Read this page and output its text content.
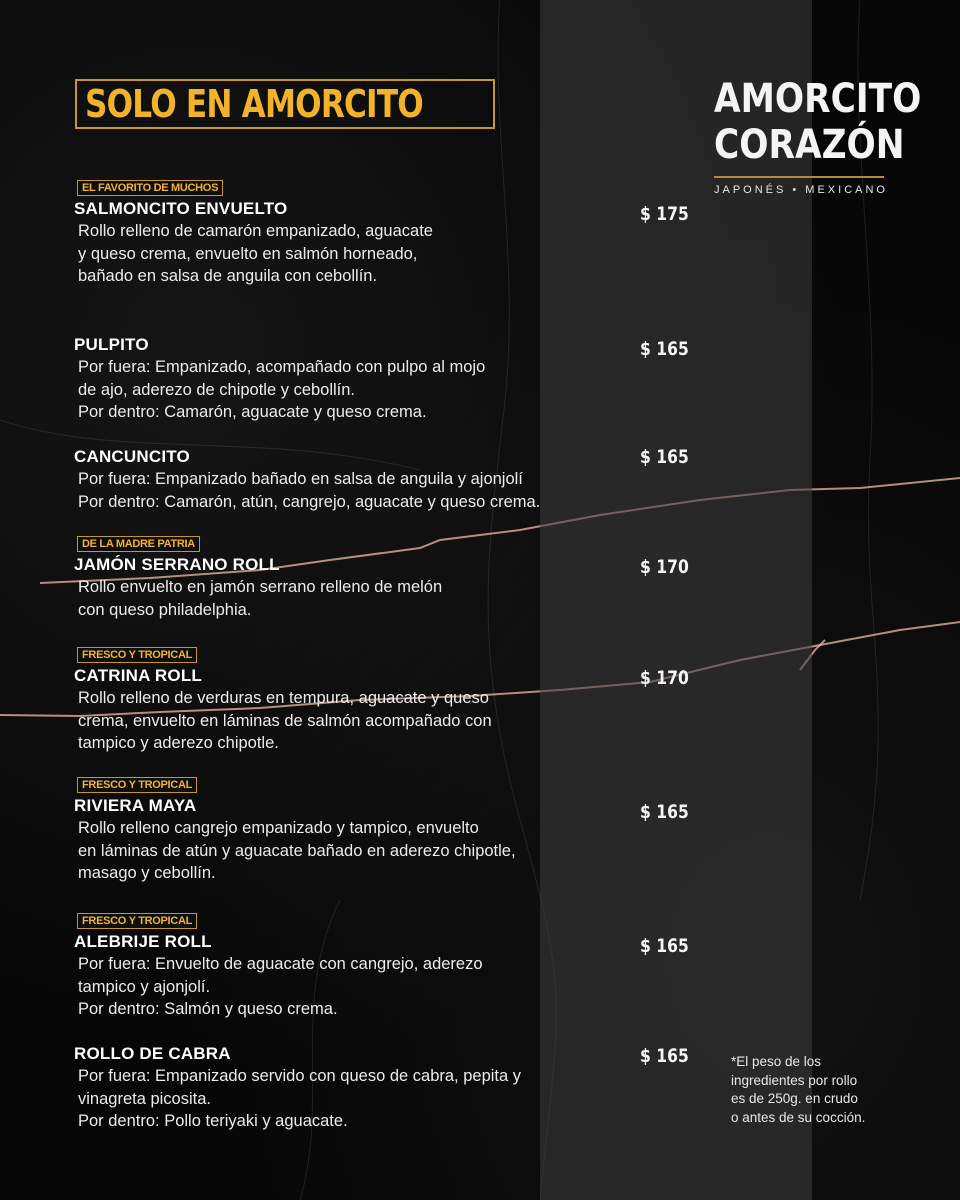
SOLO EN AMORCITO	AMORCITO
CORAZÓN
JAPONÉS • MEXICANO
EL FAVORITO DE MUCHOS
SALMONCITO ENVUELTO
Rollo relleno de camarón empanizado, aguacate
y queso crema, envuelto en salmón horneado,
bañado en salsa de anguila con cebollín.
$ 175
PULPITO
Por fuera: Empanizado, acompañado con pulpo al mojo
de ajo, aderezo de chipotle y cebollín.
Por dentro: Camarón, aguacate y queso crema.
$ 165
CANCUNCITO
Por fuera: Empanizado bañado en salsa de anguila y ajonjolí
Por dentro: Camarón, atún, cangrejo, aguacate y queso crema.
$ 165
DE LA MADRE PATRIA
JAMÓN SERRANO ROLL
Rollo envuelto en jamón serrano relleno de melón
con queso philadelphia.
$ 170
FRESCO Y TROPICAL
CATRINA ROLL
Rollo relleno de verduras en tempura, aguacate y queso
crema, envuelto en láminas de salmón acompañado con
tampico y aderezo chipotle.
$ 170
FRESCO Y TROPICAL
RIVIERA MAYA
Rollo relleno cangrejo empanizado y tampico, envuelto
en láminas de atún y aguacate bañado en aderezo chipotle,
masago y cebollín.
$ 165
FRESCO Y TROPICAL
ALEBRIJE ROLL
Por fuera: Envuelto de aguacate con cangrejo, aderezo
tampico y ajonjolí.
Por dentro: Salmón y queso crema.
$ 165
ROLLO DE CABRA
Por fuera: Empanizado servido con queso de cabra, pepita y
vinagreta picosita.
Por dentro: Pollo teriyaki y aguacate.
$ 165	*El peso de los
ingredientes por rollo
es de 250g. en crudo
o antes de su cocción.
